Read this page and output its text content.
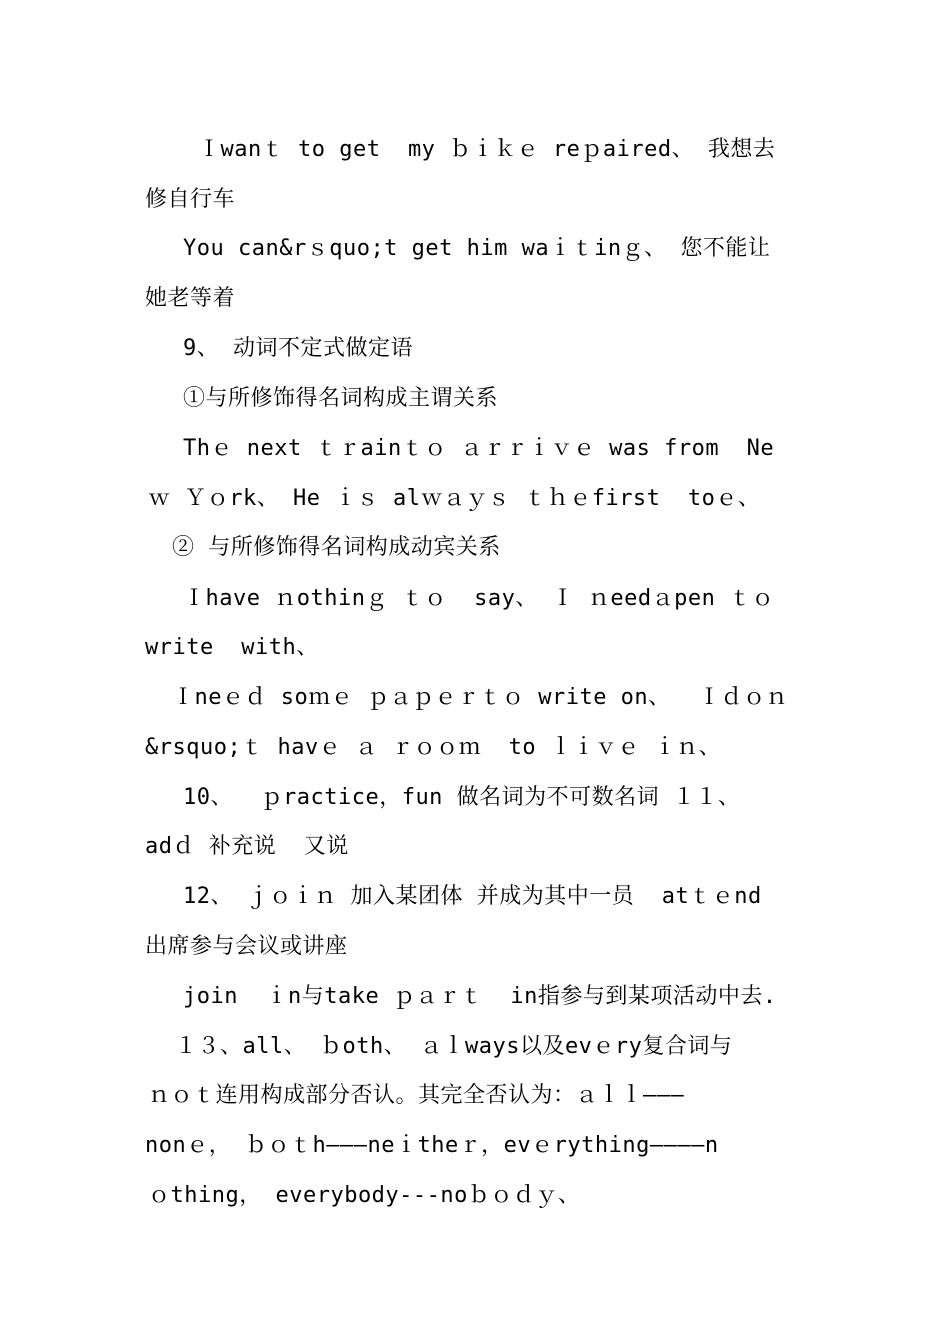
Ｉwanｔ to get  my ｂｉｋｅ reｐaired、 我想去
修自行车
You can&rｓquo;t get him waｉｔinｇ、 您不能让
她老等着
9、 动词不定式做定语
①与所修饰得名词构成主谓关系
Thｅ next ｔｒainｔｏ ａｒｒｉｖｅ was from  Ne
ｗ Ｙｏrk、 He ｉｓ alｗａｙｓ ｔｈｅfirst  toｅ、
② 与所修饰得名词构成动宾关系
Ｉhave ｎothinｇ ｔｏ  say、 Ｉ ｎeedａpen ｔｏ
write  with、
Ｉneｅｄ soｍｅ ｐａｐｅｒｔｏ write on、  Ｉｄｏｎ
&rsquo;ｔ havｅ ａ ｒｏｏｍ  to ｌｉｖｅ ｉｎ、
10、  ｐractice，fun 做名词为不可数名词 １１、
adｄ 补充说  又说
12、 ｊｏｉｎ 加入某团体 并成为其中一员  atｔｅnd
出席参与会议或讲座
join  ｉn与take ｐａｒｔ  in指参与到某项活动中去.
１３、all、 ｂoth、 ａｌways以及evｅry复合词与
ｎｏｔ连用构成部分否认。其完全否认为：ａｌｌ———
nonｅ， ｂｏｔh———neｉtheｒ，evｅrything————n
ｏthing， everybody---noｂｏｄｙ、
